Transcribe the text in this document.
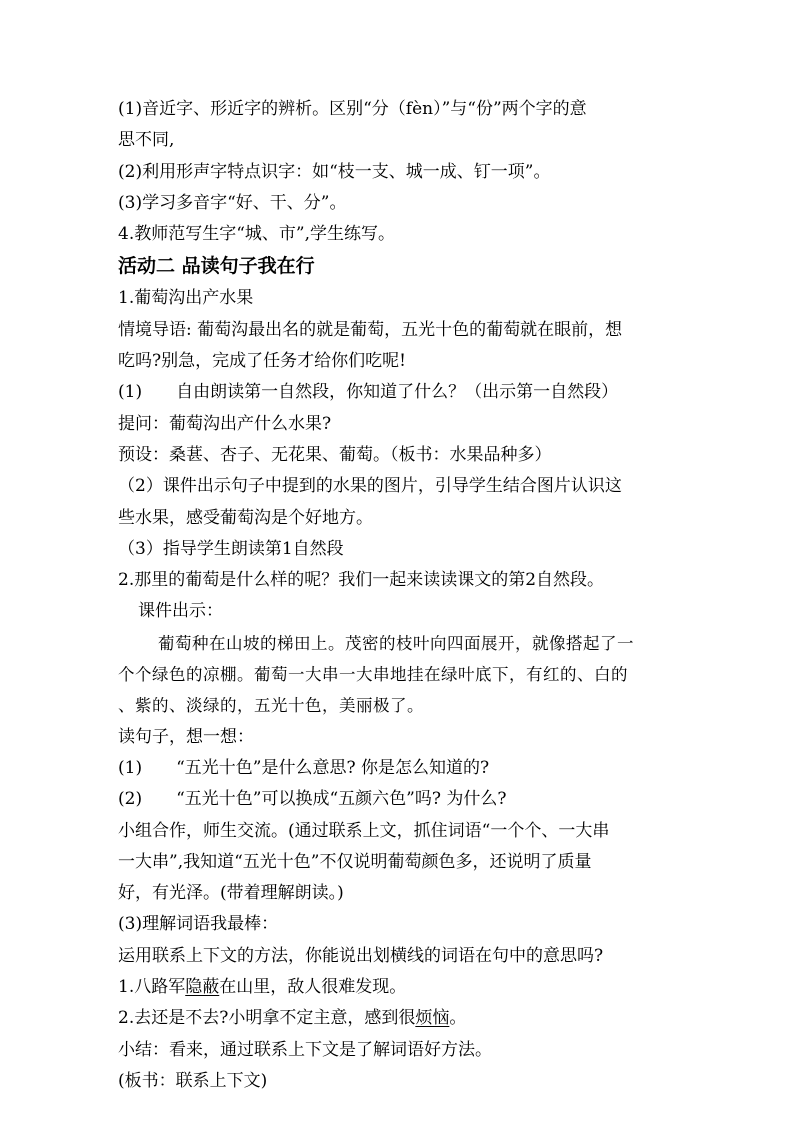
(1)音近字、形近字的辨析。区别“分（fèn）”与“份”两个字的意
思不同,
(2)利用形声字特点识字：如“枝一支、城一成、钉一项”。
(3)学习多音字“好、干、分”。
4.教师范写生字“城、市”,学生练写。
活动二 品读句子我在行
1.葡萄沟出产水果
情境导语: 葡萄沟最出名的就是葡萄，五光十色的葡萄就在眼前，想
吃吗?别急，完成了任务才给你们吃呢!
(1)　　自由朗读第一自然段，你知道了什么？（出示第一自然段）
提问：葡萄沟出产什么水果?
预设：桑葚、杏子、无花果、葡萄。（板书：水果品种多）
（2）课件出示句子中提到的水果的图片，引导学生结合图片认识这
些水果，感受葡萄沟是个好地方。
（3）指导学生朗读第1自然段
2.那里的葡萄是什么样的呢？我们一起来读读课文的第2自然段。
课件出示：
葡萄种在山坡的梯田上。茂密的枝叶向四面展开，就像搭起了一
个个绿色的凉棚。葡萄一大串一大串地挂在绿叶底下，有红的、白的
、紫的、淡绿的，五光十色，美丽极了。
读句子，想一想：
(1)　　“五光十色”是什么意思? 你是怎么知道的?
(2)　　“五光十色”可以换成“五颜六色”吗? 为什么?
小组合作，师生交流。(通过联系上文，抓住词语“一个个、一大串
一大串”,我知道“五光十色”不仅说明葡萄颜色多，还说明了质量
好，有光泽。(带着理解朗读。)
(3)理解词语我最棒：
运用联系上下文的方法，你能说出划横线的词语在句中的意思吗?
1.八路军隐蔽在山里，敌人很难发现。
2.去还是不去?小明拿不定主意，感到很烦恼。
小结：看来，通过联系上下文是了解词语好方法。
(板书：联系上下文)
